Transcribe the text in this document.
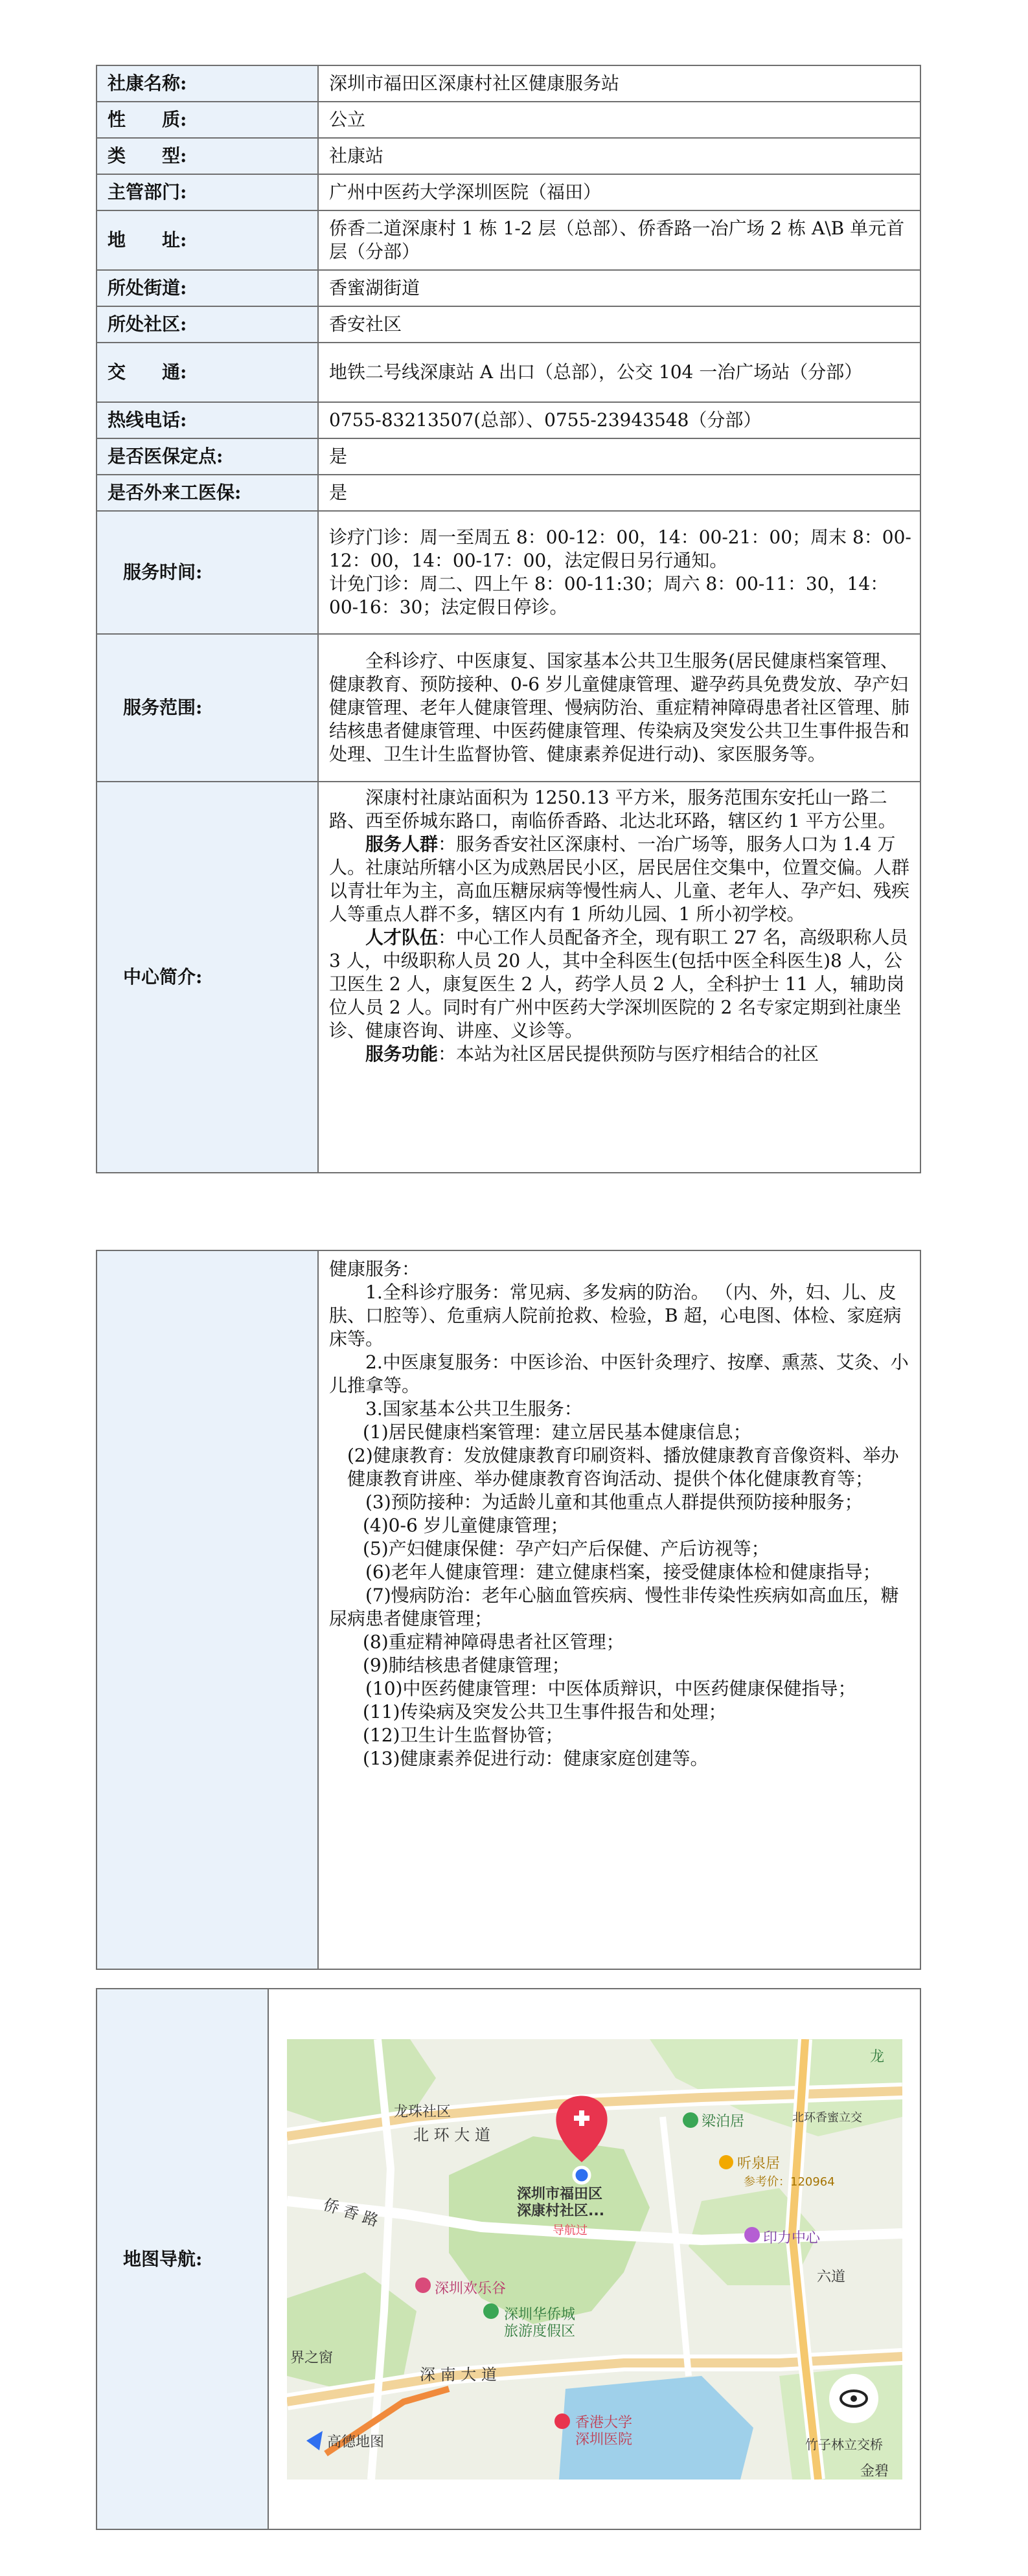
社康名称:	深圳市福田区深康村社区健康服务站
性　　质:	公立
类　　型:	社康站
主管部门:	广州中医药大学深圳医院（福田）
地　　址:	侨香二道深康村 1 栋 1-2 层（总部）、侨香路一冶广场 2 栋 A\B 单元首层（分部）
所处街道:	香蜜湖街道
所处社区:	香安社区
交　　通:	地铁二号线深康站 A 出口（总部），公交 104 一冶广场站（分部）
热线电话:	0755-83213507(总部）、0755-23943548（分部）
是否医保定点:	是
是否外来工医保:	是
服务时间:	诊疗门诊：周一至周五 8：00-12：00，14：00-21：00；周末 8：00-12：00，14：00-17：00，法定假日另行通知。

计免门诊：周二、四上午 8：00-11:30；周六 8：00-11：30，14：00-16：30；法定假日停诊。

服务范围:	全科诊疗、中医康复、国家基本公共卫生服务(居民健康档案管理、健康教育、预防接种、0-6 岁儿童健康管理、避孕药具免费发放、孕产妇健康管理、老年人健康管理、慢病防治、重症精神障碍患者社区管理、肺结核患者健康管理、中医药健康管理、传染病及突发公共卫生事件报告和处理、卫生计生监督协管、健康素养促进行动)、家医服务等。

中心简介:	深康村社康站面积为 1250.13 平方米，服务范围东安托山一路二路、西至侨城东路口，南临侨香路、北达北环路，辖区约 1 平方公里。

服务人群：服务香安社区深康村、一冶广场等，服务人口为 1.4 万人。社康站所辖小区为成熟居民小区，居民居住交集中，位置交偏。人群以青壮年为主，高血压糖尿病等慢性病人、儿童、老年人、孕产妇、残疾人等重点人群不多，辖区内有 1 所幼儿园、1 所小初学校。

人才队伍：中心工作人员配备齐全，现有职工 27 名，高级职称人员 3 人，中级职称人员 20 人，其中全科医生(包括中医全科医生)8 人，公卫医生 2 人，康复医生 2 人，药学人员 2 人，全科护士 11 人，辅助岗位人员 2 人。同时有广州中医药大学深圳医院的 2 名专家定期到社康坐诊、健康咨询、讲座、义诊等。

服务功能：本站为社区居民提供预防与医疗相结合的社区

健康服务：

1.全科诊疗服务：常见病、多发病的防治。 （内、外，妇、儿、皮肤、口腔等）、危重病人院前抢救、检验，B 超，心电图、体检、家庭病床等。

2.中医康复服务：中医诊治、中医针灸理疗、按摩、熏蒸、艾灸、小儿推拿等。

3.国家基本公共卫生服务：

(1)居民健康档案管理：建立居民基本健康信息；

(2)健康教育：发放健康教育印刷资料、播放健康教育音像资料、举办健康教育讲座、举办健康教育咨询活动、提供个体化健康教育等；

(3)预防接种：为适龄儿童和其他重点人群提供预防接种服务；

(4)0-6 岁儿童健康管理；

(5)产妇健康保健：孕产妇产后保健、产后访视等；

(6)老年人健康管理：建立健康档案，接受健康体检和健康指导；

(7)慢病防治：老年心脑血管疾病、慢性非传染性疾病如高血压，糖尿病患者健康管理；

(8)重症精神障碍患者社区管理；

(9)肺结核患者健康管理；

(10)中医药健康管理：中医体质辩识，中医药健康保健指导；

(11)传染病及突发公共卫生事件报告和处理；

(12)卫生计生监督协管；

(13)健康素养促进行动：健康家庭创建等。

地图导航:	
龙珠社区
北 环 大 道
梁泊居	北环香蜜立交
听泉居
参考价：120964
侨 香 路
深圳市福田区
深康村社区...
导航过	印力中心
六道
深圳欢乐谷
深圳华侨城
旅游度假区
界之窗
深 南 大 道
高德地图	竹子林立交桥
香港大学
深圳医院
金碧
龙
